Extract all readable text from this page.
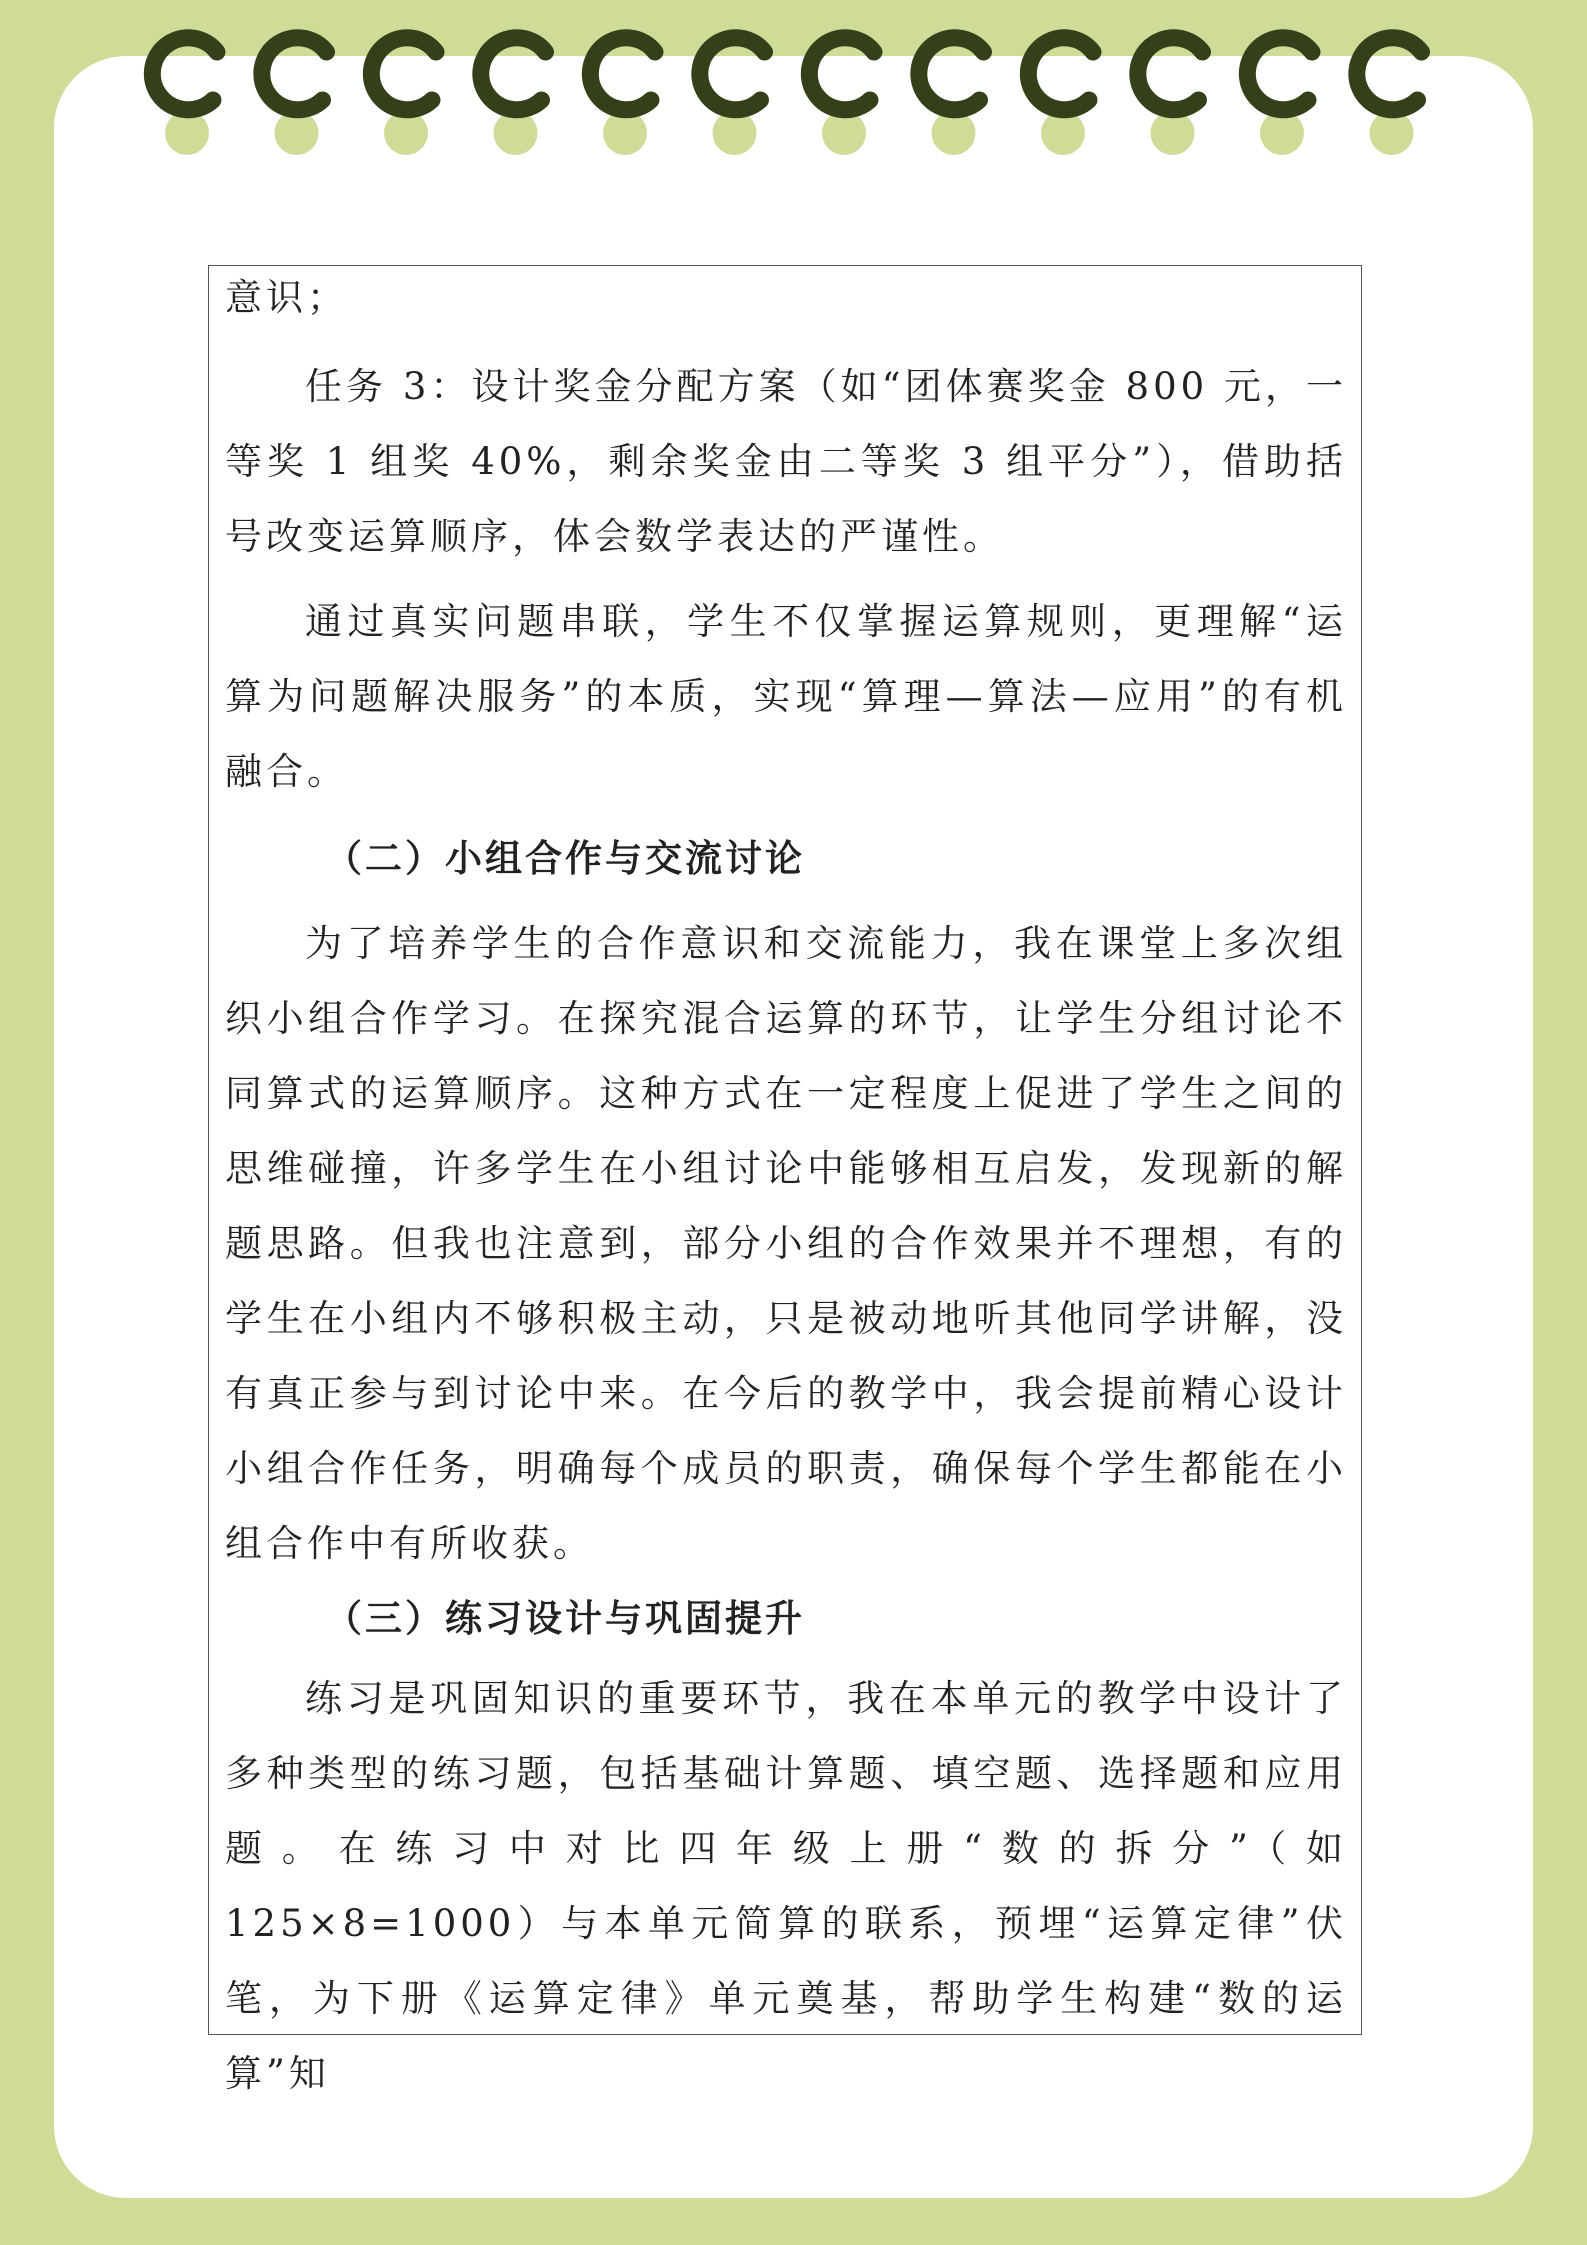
意识；

任务 3：设计奖金分配方案（如“团体赛奖金 800 元，一等奖 1 组奖 40%，剩余奖金由二等奖 3 组平分”），借助括号改变运算顺序，体会数学表达的严谨性。

通过真实问题串联，学生不仅掌握运算规则，更理解“运算为问题解决服务”的本质，实现“算理—算法—应用”的有机融合。

（二）小组合作与交流讨论

为了培养学生的合作意识和交流能力，我在课堂上多次组织小组合作学习。在探究混合运算的环节，让学生分组讨论不同算式的运算顺序。这种方式在一定程度上促进了学生之间的思维碰撞，许多学生在小组讨论中能够相互启发，发现新的解题思路。但我也注意到，部分小组的合作效果并不理想，有的学生在小组内不够积极主动，只是被动地听其他同学讲解，没有真正参与到讨论中来。在今后的教学中，我会提前精心设计小组合作任务，明确每个成员的职责，确保每个学生都能在小组合作中有所收获。

（三）练习设计与巩固提升

练习是巩固知识的重要环节，我在本单元的教学中设计了多种类型的练习题，包括基础计算题、填空题、选择题和应用题。在练习中对比四年级上册“数的拆分”（如 125×8=1000）与本单元简算的联系，预埋“运算定律”伏笔，为下册《运算定律》单元奠基，帮助学生构建“数的运算”知
